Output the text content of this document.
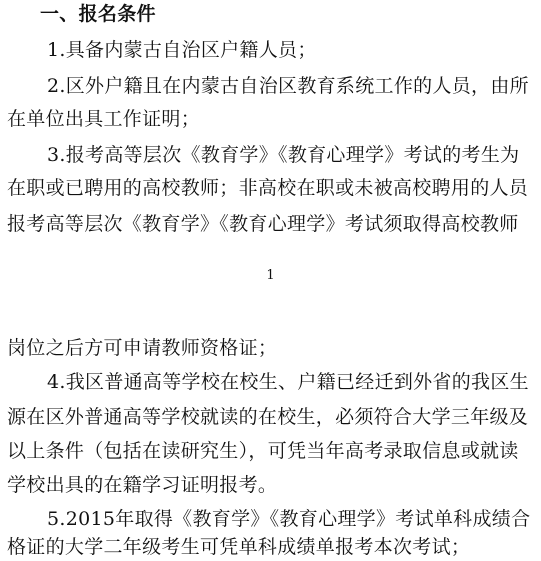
一、报名条件
1.具备内蒙古自治区户籍人员；
2.区外户籍且在内蒙古自治区教育系统工作的人员，由所
在单位出具工作证明；
3.报考高等层次《教育学》《教育心理学》考试的考生为
在职或已聘用的高校教师；非高校在职或未被高校聘用的人员
报考高等层次《教育学》《教育心理学》考试须取得高校教师
1
岗位之后方可申请教师资格证；
4.我区普通高等学校在校生、户籍已经迁到外省的我区生
源在区外普通高等学校就读的在校生，必须符合大学三年级及
以上条件（包括在读研究生），可凭当年高考录取信息或就读
学校出具的在籍学习证明报考。
5.2015年取得《教育学》《教育心理学》考试单科成绩合
格证的大学二年级考生可凭单科成绩单报考本次考试；
